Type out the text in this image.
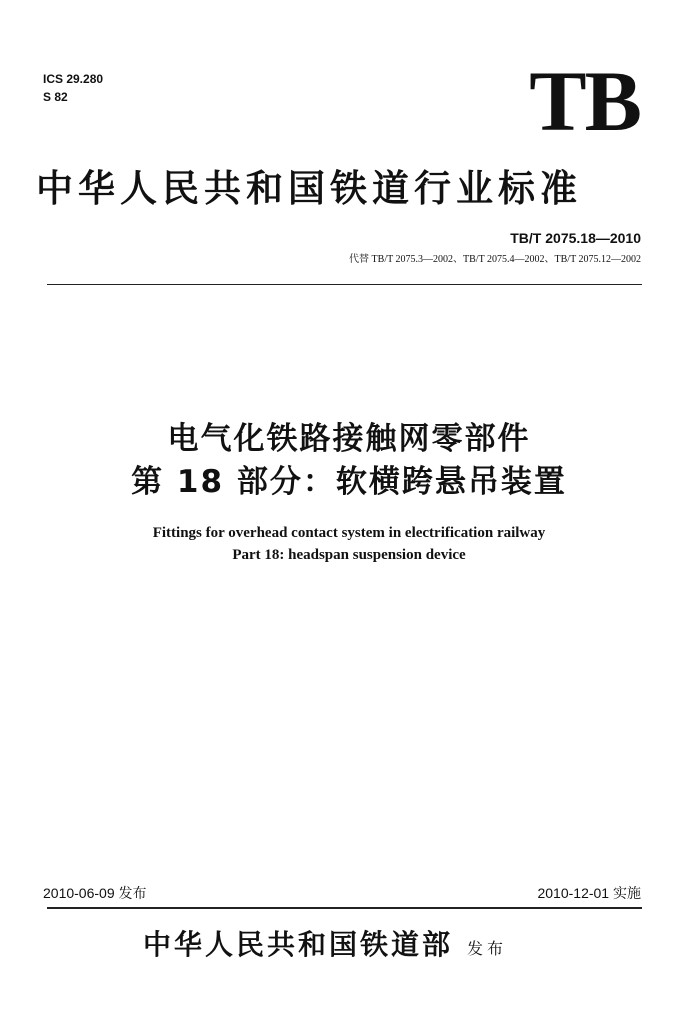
ICS 29.280
S 82	TB
中华人民共和国铁道行业标准
TB/T 2075.18—2010
代替 TB/T 2075.3—2002、TB/T 2075.4—2002、TB/T 2075.12—2002
电气化铁路接触网零部件
第 18 部分：软横跨悬吊装置
Fittings for overhead contact system in electrification railway
Part 18: headspan suspension device
2010-06-09 发布	2010-12-01 实施
中华人民共和国铁道部 发布
